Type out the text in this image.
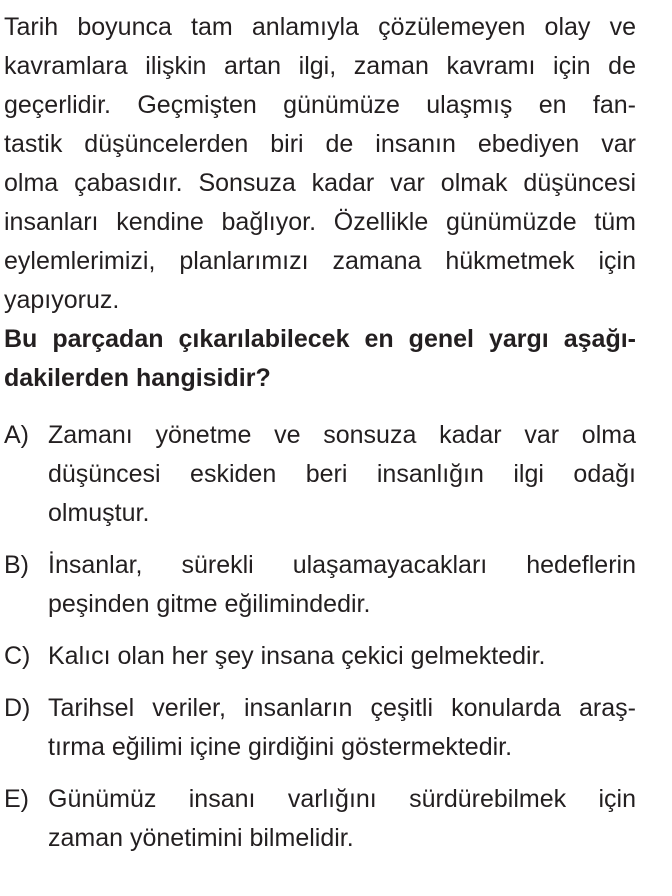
Tarih boyunca tam anlamıyla çözülemeyen olay ve
kavramlara ilişkin artan ilgi, zaman kavramı için de
geçerlidir. Geçmişten günümüze ulaşmış en fan-
tastik düşüncelerden biri de insanın ebediyen var
olma çabasıdır. Sonsuza kadar var olmak düşüncesi
insanları kendine bağlıyor. Özellikle günümüzde tüm
eylemlerimizi, planlarımızı zamana hükmetmek için
yapıyoruz.
Bu parçadan çıkarılabilecek en genel yargı aşağı-
dakilerden hangisidir?
A) Zamanı yönetme ve sonsuza kadar var olma
düşüncesi eskiden beri insanlığın ilgi odağı
olmuştur.
B) İnsanlar, sürekli ulaşamayacakları hedeflerin
peşinden gitme eğilimindedir.
C) Kalıcı olan her şey insana çekici gelmektedir.
D) Tarihsel veriler, insanların çeşitli konularda araş-
tırma eğilimi içine girdiğini göstermektedir.
E) Günümüz insanı varlığını sürdürebilmek için
zaman yönetimini bilmelidir.
